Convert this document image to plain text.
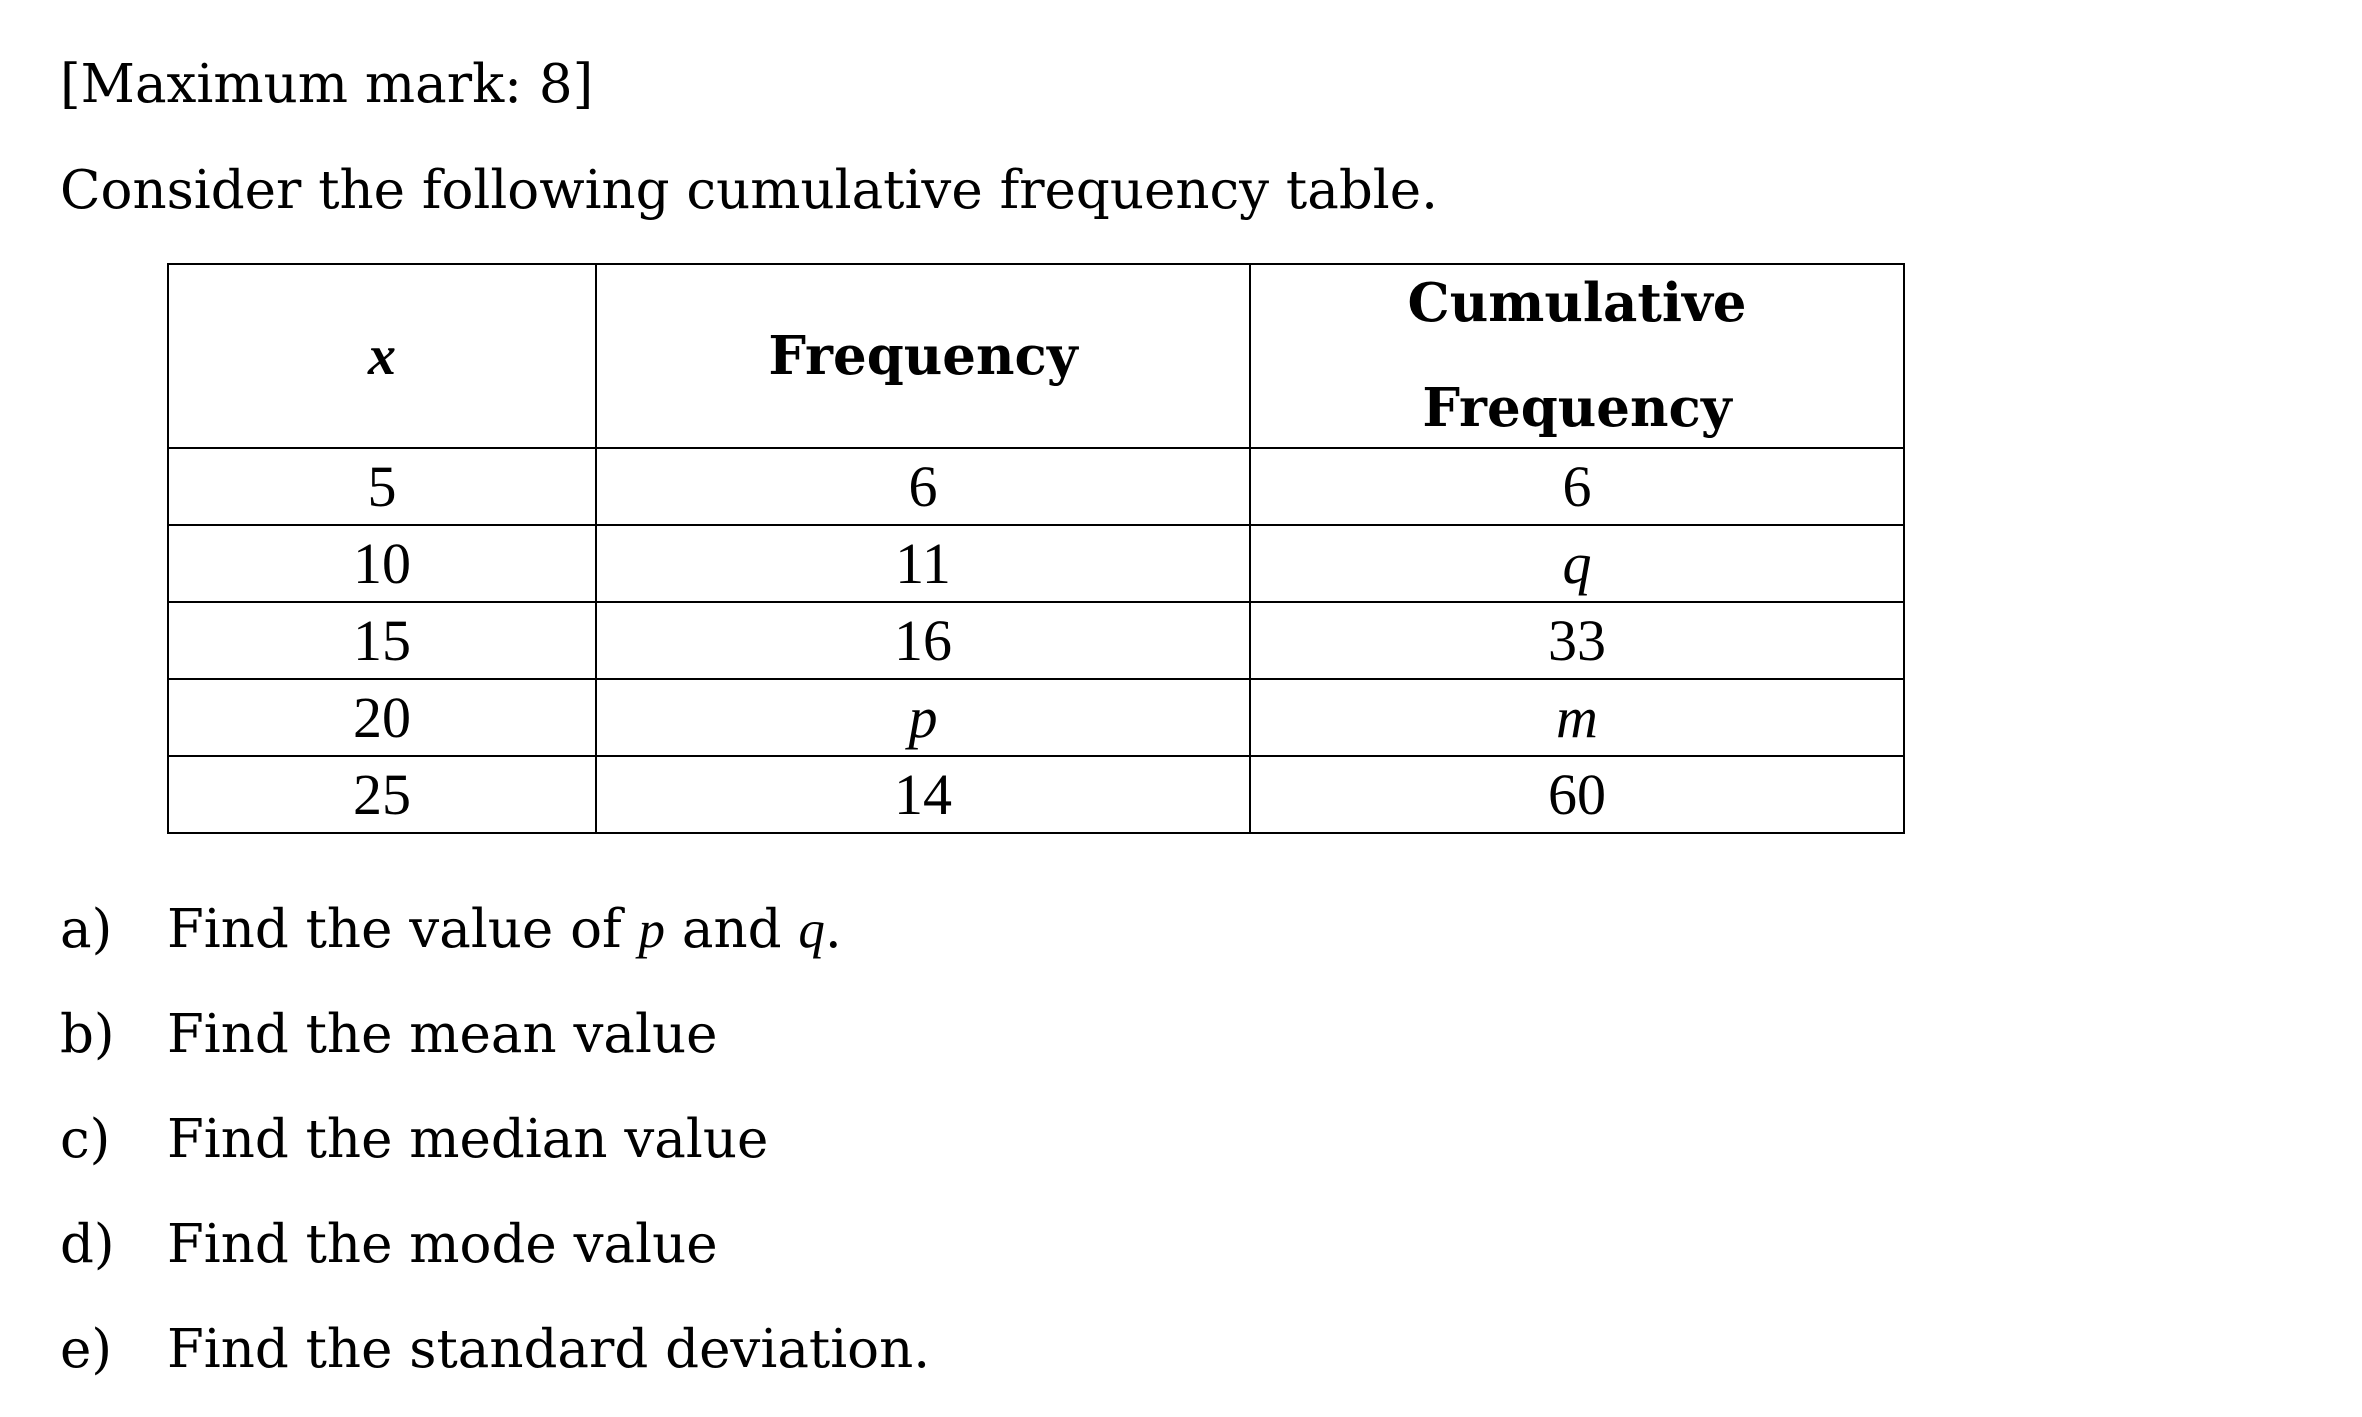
[Maximum mark: 8]
Consider the following cumulative frequency table.
x	Frequency	Cumulative
Frequency

5	6	6
10	11	q
15	16	33
20	p	m
25	14	60
a) Find the value of p and q.
b) Find the mean value
c) Find the median value
d) Find the mode value
e) Find the standard deviation.
